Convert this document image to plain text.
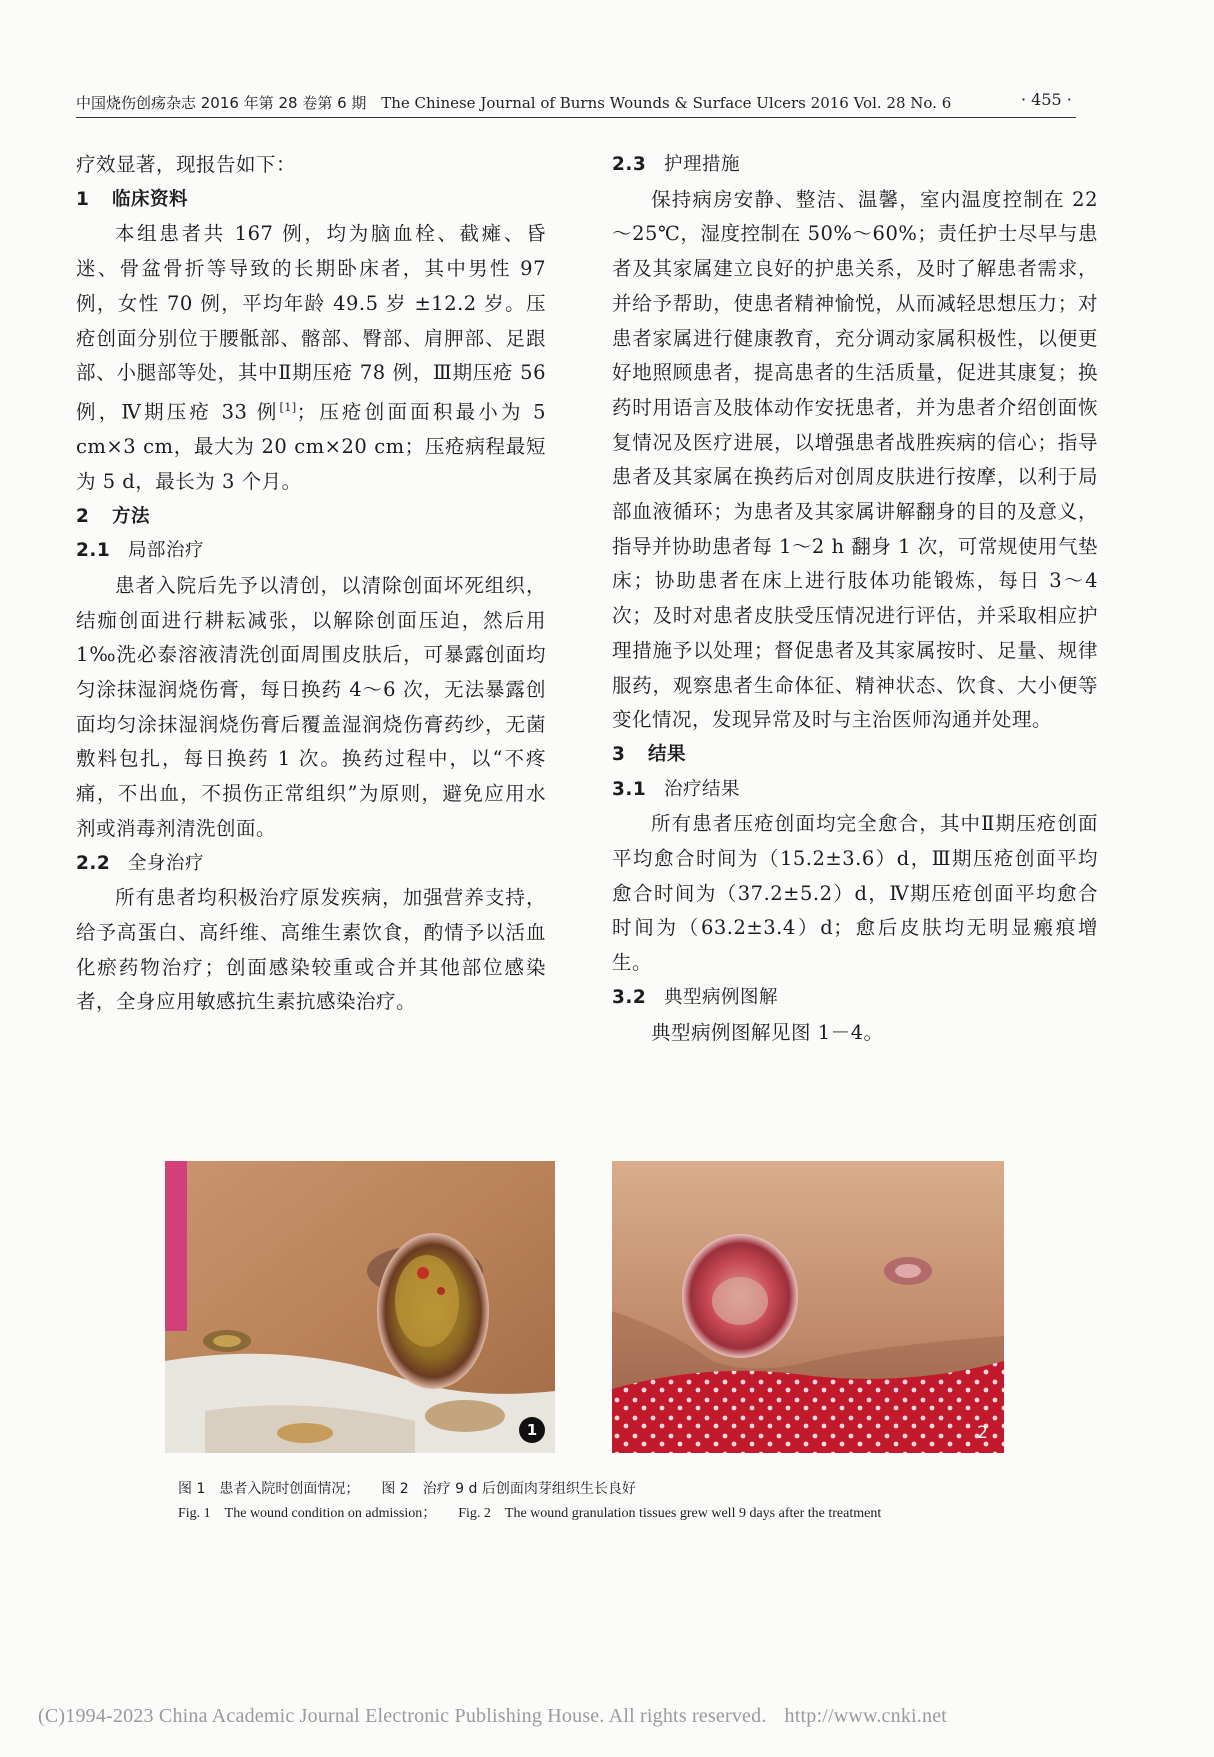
中国烧伤创疡杂志 2016 年第 28 卷第 6 期 The Chinese Journal of Burns Wounds & Surface Ulcers 2016 Vol. 28 No. 6	· 455 ·

疗效显著，现报告如下：

1 临床资料

本组患者共 167 例，均为脑血栓、截瘫、昏迷、骨盆骨折等导致的长期卧床者，其中男性 97 例，女性 70 例，平均年龄 49.5 岁 ±12.2 岁。压疮创面分别位于腰骶部、髂部、臀部、肩胛部、足跟部、小腿部等处，其中Ⅱ期压疮 78 例，Ⅲ期压疮 56 例，Ⅳ期压疮 33 例[1]；压疮创面面积最小为 5 cm×3 cm，最大为 20 cm×20 cm；压疮病程最短为 5 d，最长为 3 个月。

2 方法

2.1 局部治疗

患者入院后先予以清创，以清除创面坏死组织，结痂创面进行耕耘减张，以解除创面压迫，然后用 1‰洗必泰溶液清洗创面周围皮肤后，可暴露创面均匀涂抹湿润烧伤膏，每日换药 4～6 次，无法暴露创面均匀涂抹湿润烧伤膏后覆盖湿润烧伤膏药纱，无菌敷料包扎，每日换药 1 次。换药过程中，以“不疼痛，不出血，不损伤正常组织”为原则，避免应用水剂或消毒剂清洗创面。

2.2 全身治疗

所有患者均积极治疗原发疾病，加强营养支持，给予高蛋白、高纤维、高维生素饮食，酌情予以活血化瘀药物治疗；创面感染较重或合并其他部位感染者，全身应用敏感抗生素抗感染治疗。

2.3 护理措施

保持病房安静、整洁、温馨，室内温度控制在 22～25℃，湿度控制在 50%～60%；责任护士尽早与患者及其家属建立良好的护患关系，及时了解患者需求，并给予帮助，使患者精神愉悦，从而减轻思想压力；对患者家属进行健康教育，充分调动家属积极性，以便更好地照顾患者，提高患者的生活质量，促进其康复；换药时用语言及肢体动作安抚患者，并为患者介绍创面恢复情况及医疗进展，以增强患者战胜疾病的信心；指导患者及其家属在换药后对创周皮肤进行按摩，以利于局部血液循环；为患者及其家属讲解翻身的目的及意义，指导并协助患者每 1～2 h 翻身 1 次，可常规使用气垫床；协助患者在床上进行肢体功能锻炼，每日 3～4 次；及时对患者皮肤受压情况进行评估，并采取相应护理措施予以处理；督促患者及其家属按时、足量、规律服药，观察患者生命体征、精神状态、饮食、大小便等变化情况，发现异常及时与主治医师沟通并处理。

3 结果

3.1 治疗结果

所有患者压疮创面均完全愈合，其中Ⅱ期压疮创面平均愈合时间为（15.2±3.6）d，Ⅲ期压疮创面平均愈合时间为（37.2±5.2）d，Ⅳ期压疮创面平均愈合时间为（63.2±3.4）d；愈后皮肤均无明显瘢痕增生。

3.2 典型病例图解

典型病例图解见图 1－4。

1	2
图 1　患者入院时创面情况； 图 2　治疗 9 d 后创面肉芽组织生长良好
Fig. 1　The wound condition on admission； Fig. 2　The wound granulation tissues grew well 9 days after the treatment
(C)1994-2023 China Academic Journal Electronic Publishing House. All rights reserved. http://www.cnki.net
